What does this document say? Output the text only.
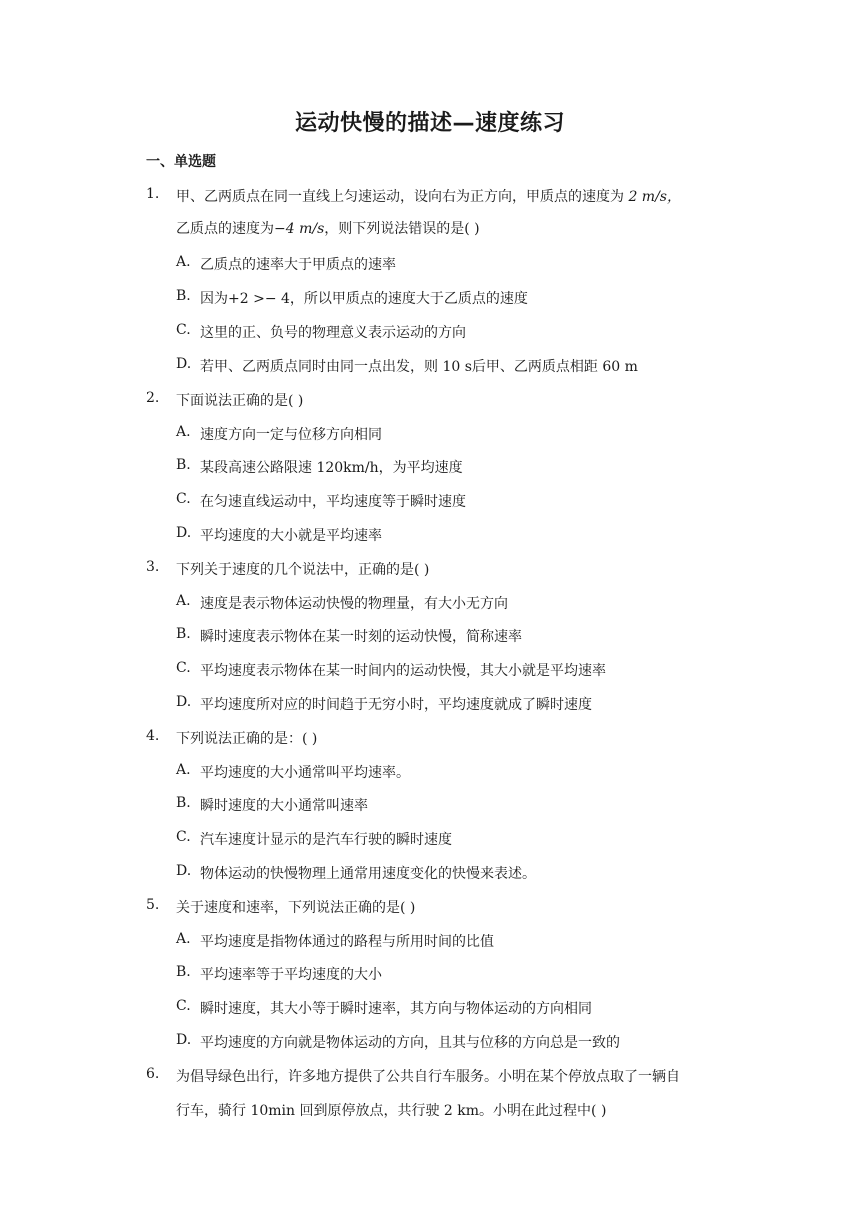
运动快慢的描述—速度练习
一、单选题
1. 甲、乙两质点在同一直线上匀速运动，设向右为正方向，甲质点的速度为 2 m/s，
乙质点的速度为−4 m/s，则下列说法错误的是( )
A. 乙质点的速率大于甲质点的速率
B. 因为+2 >− 4，所以甲质点的速度大于乙质点的速度
C. 这里的正、负号的物理意义表示运动的方向
D. 若甲、乙两质点同时由同一点出发，则 10 s后甲、乙两质点相距 60 m
2. 下面说法正确的是( )
A. 速度方向一定与位移方向相同
B. 某段高速公路限速 120km/h，为平均速度
C. 在匀速直线运动中，平均速度等于瞬时速度
D. 平均速度的大小就是平均速率
3. 下列关于速度的几个说法中，正确的是( )
A. 速度是表示物体运动快慢的物理量，有大小无方向
B. 瞬时速度表示物体在某一时刻的运动快慢，简称速率
C. 平均速度表示物体在某一时间内的运动快慢，其大小就是平均速率
D. 平均速度所对应的时间趋于无穷小时，平均速度就成了瞬时速度
4. 下列说法正确的是：( )
A. 平均速度的大小通常叫平均速率。
B. 瞬时速度的大小通常叫速率
C. 汽车速度计显示的是汽车行驶的瞬时速度
D. 物体运动的快慢物理上通常用速度变化的快慢来表述。
5. 关于速度和速率，下列说法正确的是( )
A. 平均速度是指物体通过的路程与所用时间的比值
B. 平均速率等于平均速度的大小
C. 瞬时速度，其大小等于瞬时速率，其方向与物体运动的方向相同
D. 平均速度的方向就是物体运动的方向，且其与位移的方向总是一致的
6. 为倡导绿色出行，许多地方提供了公共自行车服务。小明在某个停放点取了一辆自
行车，骑行 10min 回到原停放点，共行驶 2 km。小明在此过程中( )
